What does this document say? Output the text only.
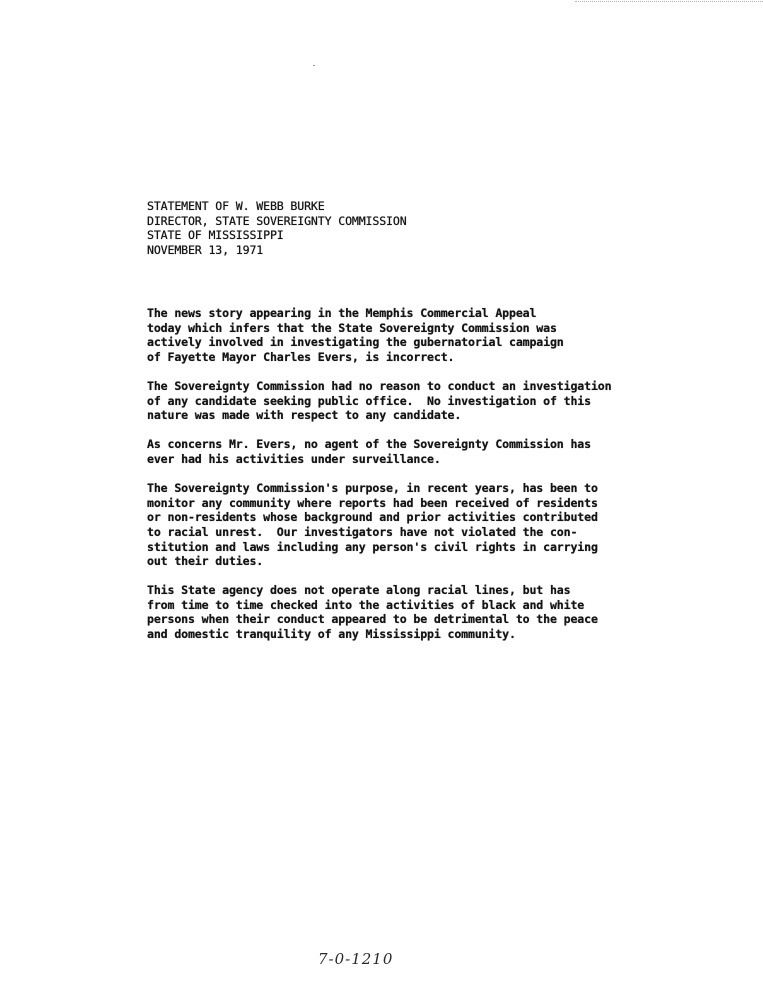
STATEMENT OF W. WEBB BURKE
DIRECTOR, STATE SOVEREIGNTY COMMISSION
STATE OF MISSISSIPPI
NOVEMBER 13, 1971
The news story appearing in the Memphis Commercial Appeal
today which infers that the State Sovereignty Commission was
actively involved in investigating the gubernatorial campaign
of Fayette Mayor Charles Evers, is incorrect.
The Sovereignty Commission had no reason to conduct an investigation
of any candidate seeking public office.  No investigation of this
nature was made with respect to any candidate.
As concerns Mr. Evers, no agent of the Sovereignty Commission has
ever had his activities under surveillance.
The Sovereignty Commission's purpose, in recent years, has been to
monitor any community where reports had been received of residents
or non-residents whose background and prior activities contributed
to racial unrest.  Our investigators have not violated the con-
stitution and laws including any person's civil rights in carrying
out their duties.
This State agency does not operate along racial lines, but has
from time to time checked into the activities of black and white
persons when their conduct appeared to be detrimental to the peace
and domestic tranquility of any Mississippi community.
7-0-1210
